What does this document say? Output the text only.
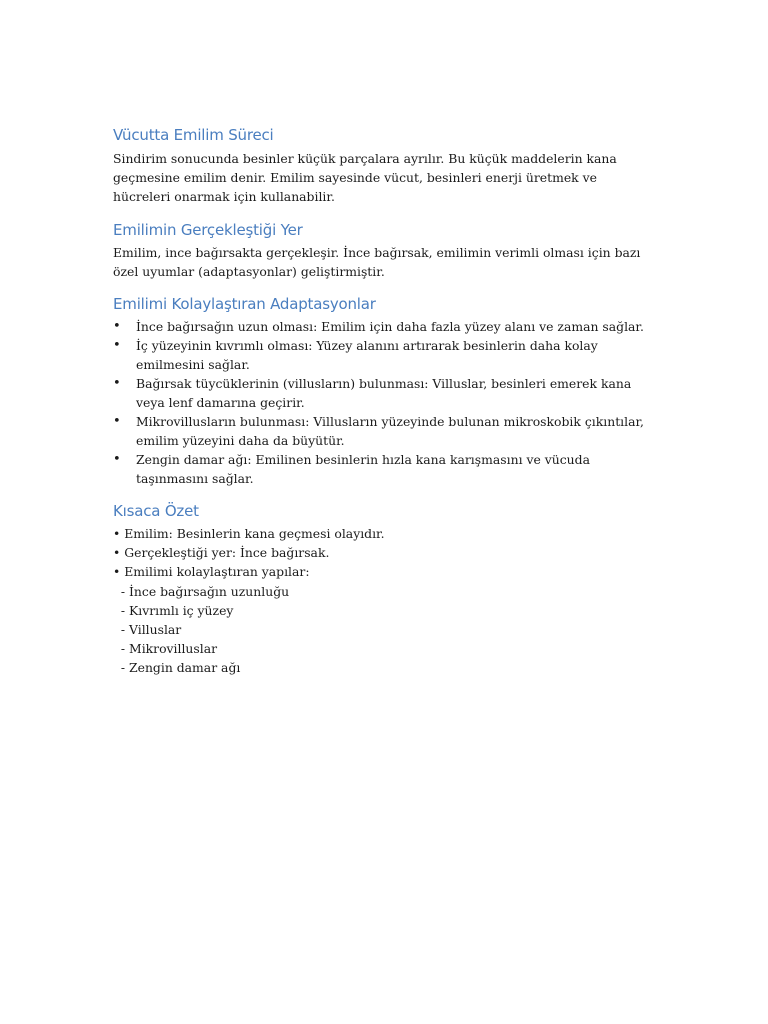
Vücutta Emilim Süreci

Sindirim sonucunda besinler küçük parçalara ayrılır. Bu küçük maddelerin kana geçmesine emilim denir. Emilim sayesinde vücut, besinleri enerji üretmek ve hücreleri onarmak için kullanabilir.

Emilimin Gerçekleştiği Yer

Emilim, ince bağırsakta gerçekleşir. İnce bağırsak, emilimin verimli olması için bazı özel uyumlar (adaptasyonlar) geliştirmiştir.

Emilimi Kolaylaştıran Adaptasyonlar
• İnce bağırsağın uzun olması: Emilim için daha fazla yüzey alanı ve zaman sağlar.
• İç yüzeyinin kıvrımlı olması: Yüzey alanını artırarak besinlerin daha kolay emilmesini sağlar.
• Bağırsak tüycüklerinin (villusların) bulunması: Villuslar, besinleri emerek kana veya lenf damarına geçirir.
• Mikrovillusların bulunması: Villusların yüzeyinde bulunan mikroskobik çıkıntılar, emilim yüzeyini daha da büyütür.
• Zengin damar ağı: Emilinen besinlerin hızla kana karışmasını ve vücuda taşınmasını sağlar.
Kısaca Özet

• Emilim: Besinlerin kana geçmesi olayıdır.

• Gerçekleştiği yer: İnce bağırsak.

• Emilimi kolaylaştıran yapılar:

- İnce bağırsağın uzunluğu

- Kıvrımlı iç yüzey

- Villuslar

- Mikrovilluslar

- Zengin damar ağı
